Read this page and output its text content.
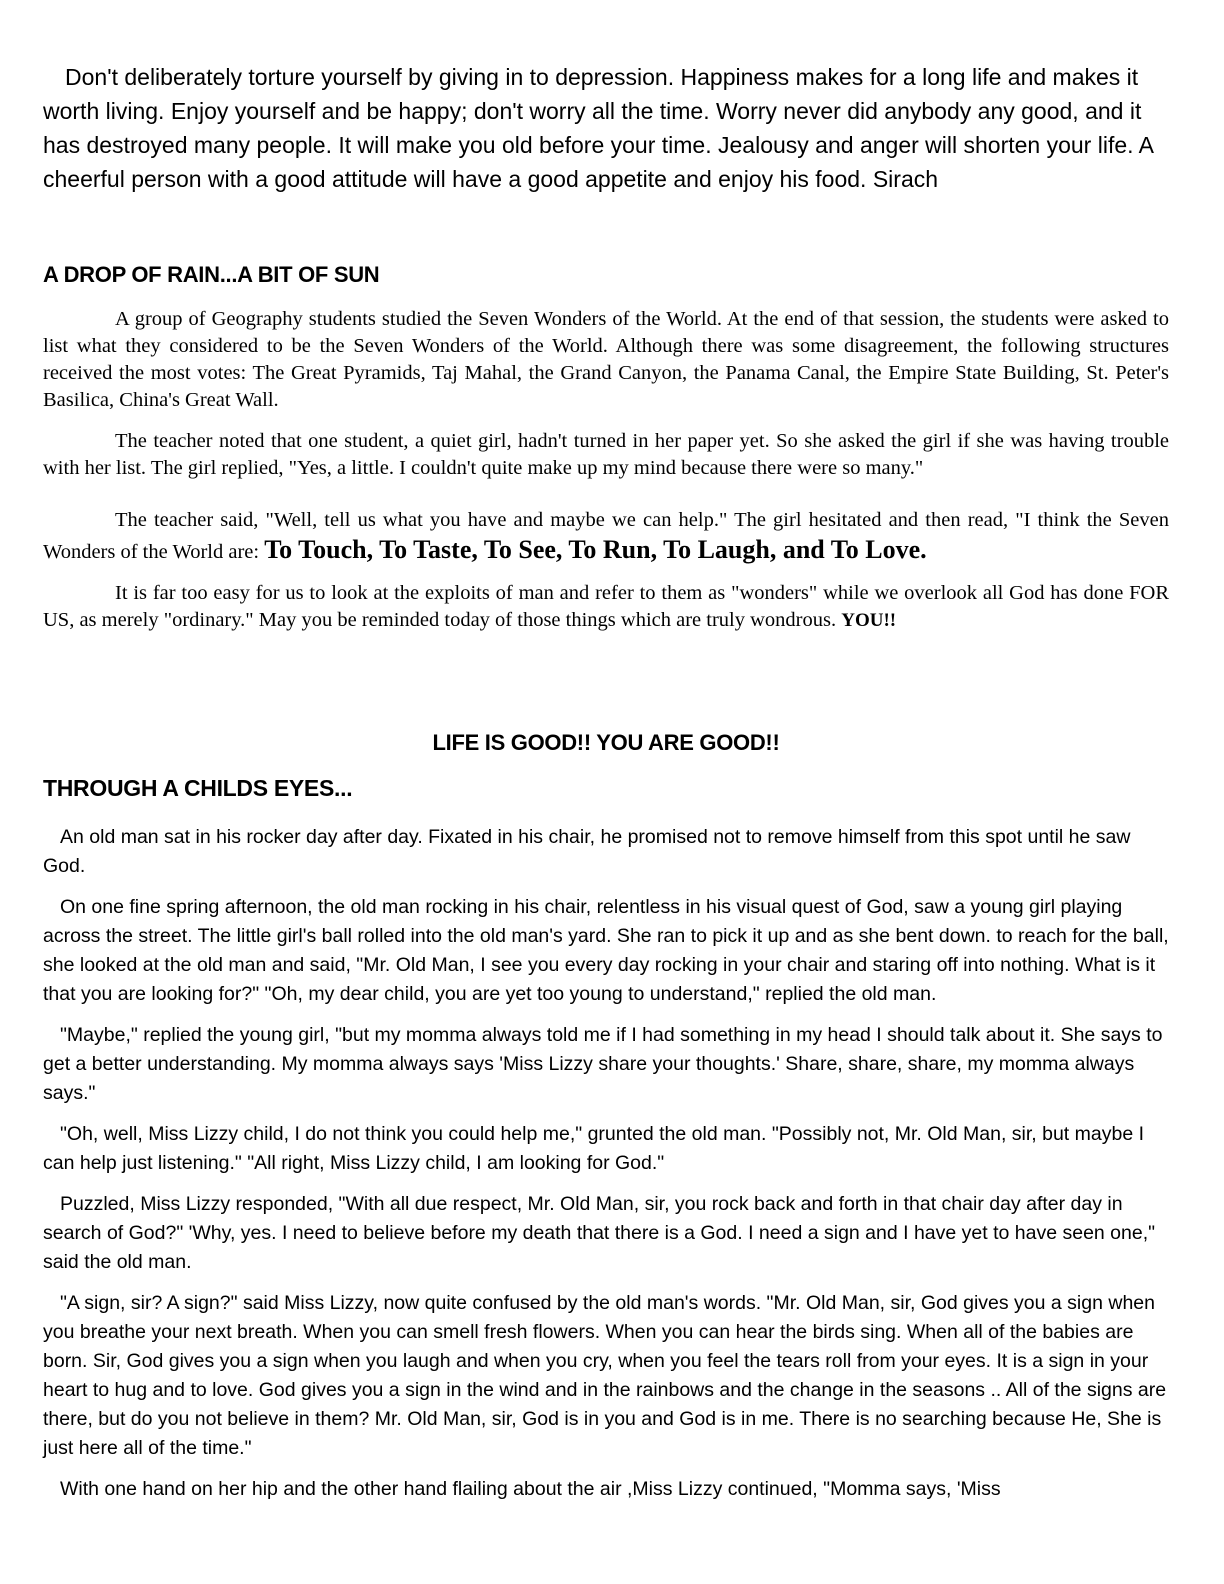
Don't deliberately torture yourself by giving in to depression. Happiness makes for a long life and makes it worth living. Enjoy yourself and be happy; don't worry all the time. Worry never did anybody any good, and it has destroyed many people. It will make you old before your time. Jealousy and anger will shorten your life. A cheerful person with a good attitude will have a good appetite and enjoy his food. Sirach

A DROP OF RAIN...A BIT OF SUN

A group of Geography students studied the Seven Wonders of the World. At the end of that session, the students were asked to list what they considered to be the Seven Wonders of the World. Although there was some disagreement, the following structures received the most votes: The Great Pyramids, Taj Mahal, the Grand Canyon, the Panama Canal, the Empire State Building, St. Peter's Basilica, China's Great Wall.

The teacher noted that one student, a quiet girl, hadn't turned in her paper yet. So she asked the girl if she was having trouble with her list. The girl replied, "Yes, a little. I couldn't quite make up my mind because there were so many."

The teacher said, "Well, tell us what you have and maybe we can help." The girl hesitated and then read, "I think the Seven Wonders of the World are: To Touch, To Taste, To See, To Run, To Laugh, and To Love.

It is far too easy for us to look at the exploits of man and refer to them as "wonders" while we overlook all God has done FOR US, as merely "ordinary." May you be reminded today of those things which are truly wondrous. YOU!!

LIFE IS GOOD!! YOU ARE GOOD!!
THROUGH A CHILDS EYES...

An old man sat in his rocker day after day. Fixated in his chair, he promised not to remove himself from this spot until he saw God.

On one fine spring afternoon, the old man rocking in his chair, relentless in his visual quest of God, saw a young girl playing across the street. The little girl's ball rolled into the old man's yard. She ran to pick it up and as she bent down. to reach for the ball, she looked at the old man and said, "Mr. Old Man, I see you every day rocking in your chair and staring off into nothing. What is it that you are looking for?" "Oh, my dear child, you are yet too young to understand," replied the old man.

"Maybe," replied the young girl, "but my momma always told me if I had something in my head I should talk about it. She says to get a better understanding. My momma always says 'Miss Lizzy share your thoughts.' Share, share, share, my momma always says."

"Oh, well, Miss Lizzy child, I do not think you could help me," grunted the old man. "Possibly not, Mr. Old Man, sir, but maybe I can help just listening." "All right, Miss Lizzy child, I am looking for God."

Puzzled, Miss Lizzy responded, "With all due respect, Mr. Old Man, sir, you rock back and forth in that chair day after day in search of God?" 'Why, yes. I need to believe before my death that there is a God. I need a sign and I have yet to have seen one," said the old man.

"A sign, sir? A sign?" said Miss Lizzy, now quite confused by the old man's words. "Mr. Old Man, sir, God gives you a sign when you breathe your next breath. When you can smell fresh flowers. When you can hear the birds sing. When all of the babies are born. Sir, God gives you a sign when you laugh and when you cry, when you feel the tears roll from your eyes. It is a sign in your heart to hug and to love. God gives you a sign in the wind and in the rainbows and the change in the seasons .. All of the signs are there, but do you not believe in them? Mr. Old Man, sir, God is in you and God is in me. There is no searching because He, She is just here all of the time."

With one hand on her hip and the other hand flailing about the air ,Miss Lizzy continued, "Momma says, 'Miss
